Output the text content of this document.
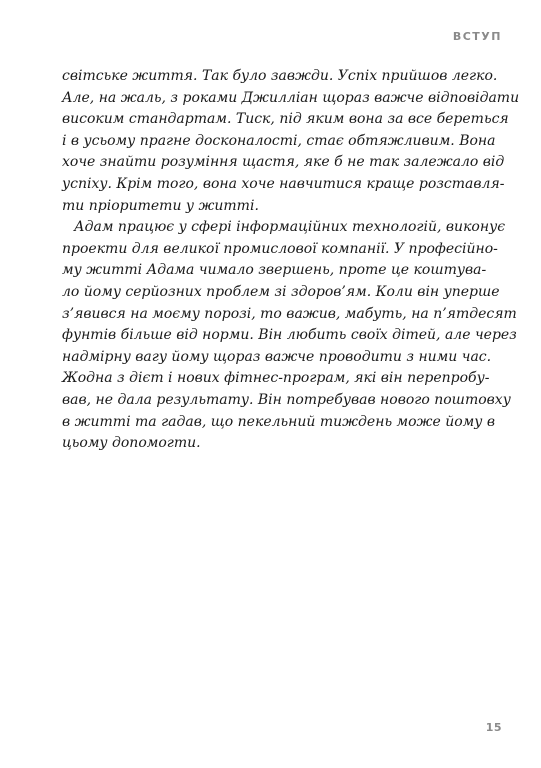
ВСТУП
світське життя. Так було завжди. Успіх прийшов легко.
Але, на жаль, з роками Джилліан щораз важче відповідати
високим стандартам. Тиск, під яким вона за все береться
і в усьому прагне досконалості, стає обтяжливим. Вона
хоче знайти розуміння щастя, яке б не так залежало від
успіху. Крім того, вона хоче навчитися краще розставля-
ти пріоритети у житті.
Адам працює у сфері інформаційних технологій, виконує
проекти для великої промислової компанії. У професійно-
му житті Адама чимало звершень, проте це коштува-
ло йому серйозних проблем зі здоров’ям. Коли він уперше
з’явився на моєму порозі, то важив, мабуть, на п’ятдесят
фунтів більше від норми. Він любить своїх дітей, але через
надмірну вагу йому щораз важче проводити з ними час.
Жодна з дієт і нових фітнес-програм, які він перепробу-
вав, не дала результату. Він потребував нового поштовху
в житті та гадав, що пекельний тиждень може йому в
цьому допомогти.
15
